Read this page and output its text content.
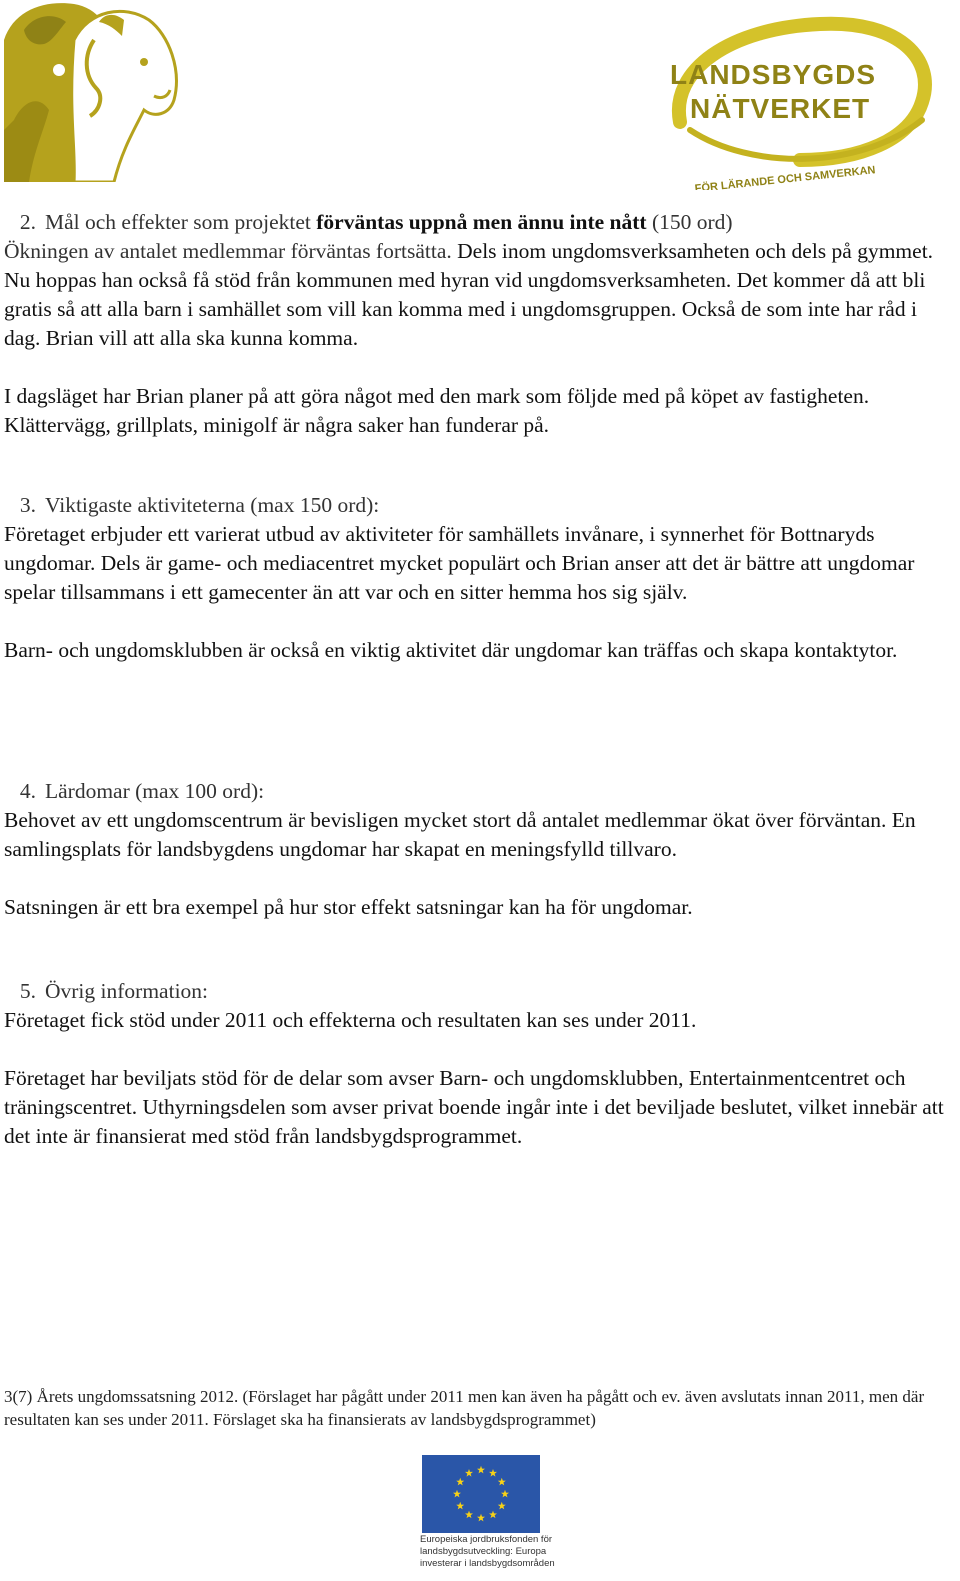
LANDSBYGDS
NÄTVERKET
FÖR LÄRANDE OCH SAMVERKAN

2. Mål och effekter som projektet förväntas uppnå men ännu inte nått (150 ord)

Ökningen av antalet medlemmar förväntas fortsätta. Dels inom ungdomsverksamheten och dels på gymmet. Nu hoppas han också få stöd från kommunen med hyran vid ungdomsverksamheten. Det kommer då att bli gratis så att alla barn i samhället som vill kan komma med i ungdomsgruppen. Också de som inte har råd i dag. Brian vill att alla ska kunna komma.

I dagsläget har Brian planer på att göra något med den mark som följde med på köpet av fastigheten. Klättervägg, grillplats, minigolf är några saker han funderar på.

3. Viktigaste aktiviteterna (max 150 ord):

Företaget erbjuder ett varierat utbud av aktiviteter för samhällets invånare, i synnerhet för Bottnaryds ungdomar. Dels är game- och mediacentret mycket populärt och Brian anser att det är bättre att ungdomar spelar tillsammans i ett gamecenter än att var och en sitter hemma hos sig själv.

Barn- och ungdomsklubben är också en viktig aktivitet där ungdomar kan träffas och skapa kontaktytor.

4. Lärdomar (max 100 ord):

Behovet av ett ungdomscentrum är bevisligen mycket stort då antalet medlemmar ökat över förväntan. En samlingsplats för landsbygdens ungdomar har skapat en meningsfylld tillvaro.

Satsningen är ett bra exempel på hur stor effekt satsningar kan ha för ungdomar.

5. Övrig information:

Företaget fick stöd under 2011 och effekterna och resultaten kan ses under 2011.

Företaget har beviljats stöd för de delar som avser Barn- och ungdomsklubben, Entertainmentcentret och träningscentret. Uthyrningsdelen som avser privat boende ingår inte i det beviljade beslutet, vilket innebär att det inte är finansierat med stöd från landsbygdsprogrammet.

3(7) Årets ungdomssatsning 2012. (Förslaget har pågått under 2011 men kan även ha pågått och ev. även avslutats innan 2011, men där resultaten kan ses under 2011. Förslaget ska ha finansierats av landsbygdsprogrammet)

Europeiska jordbruksfonden för
landsbygdsutveckling: Europa
investerar i landsbygdsområden
